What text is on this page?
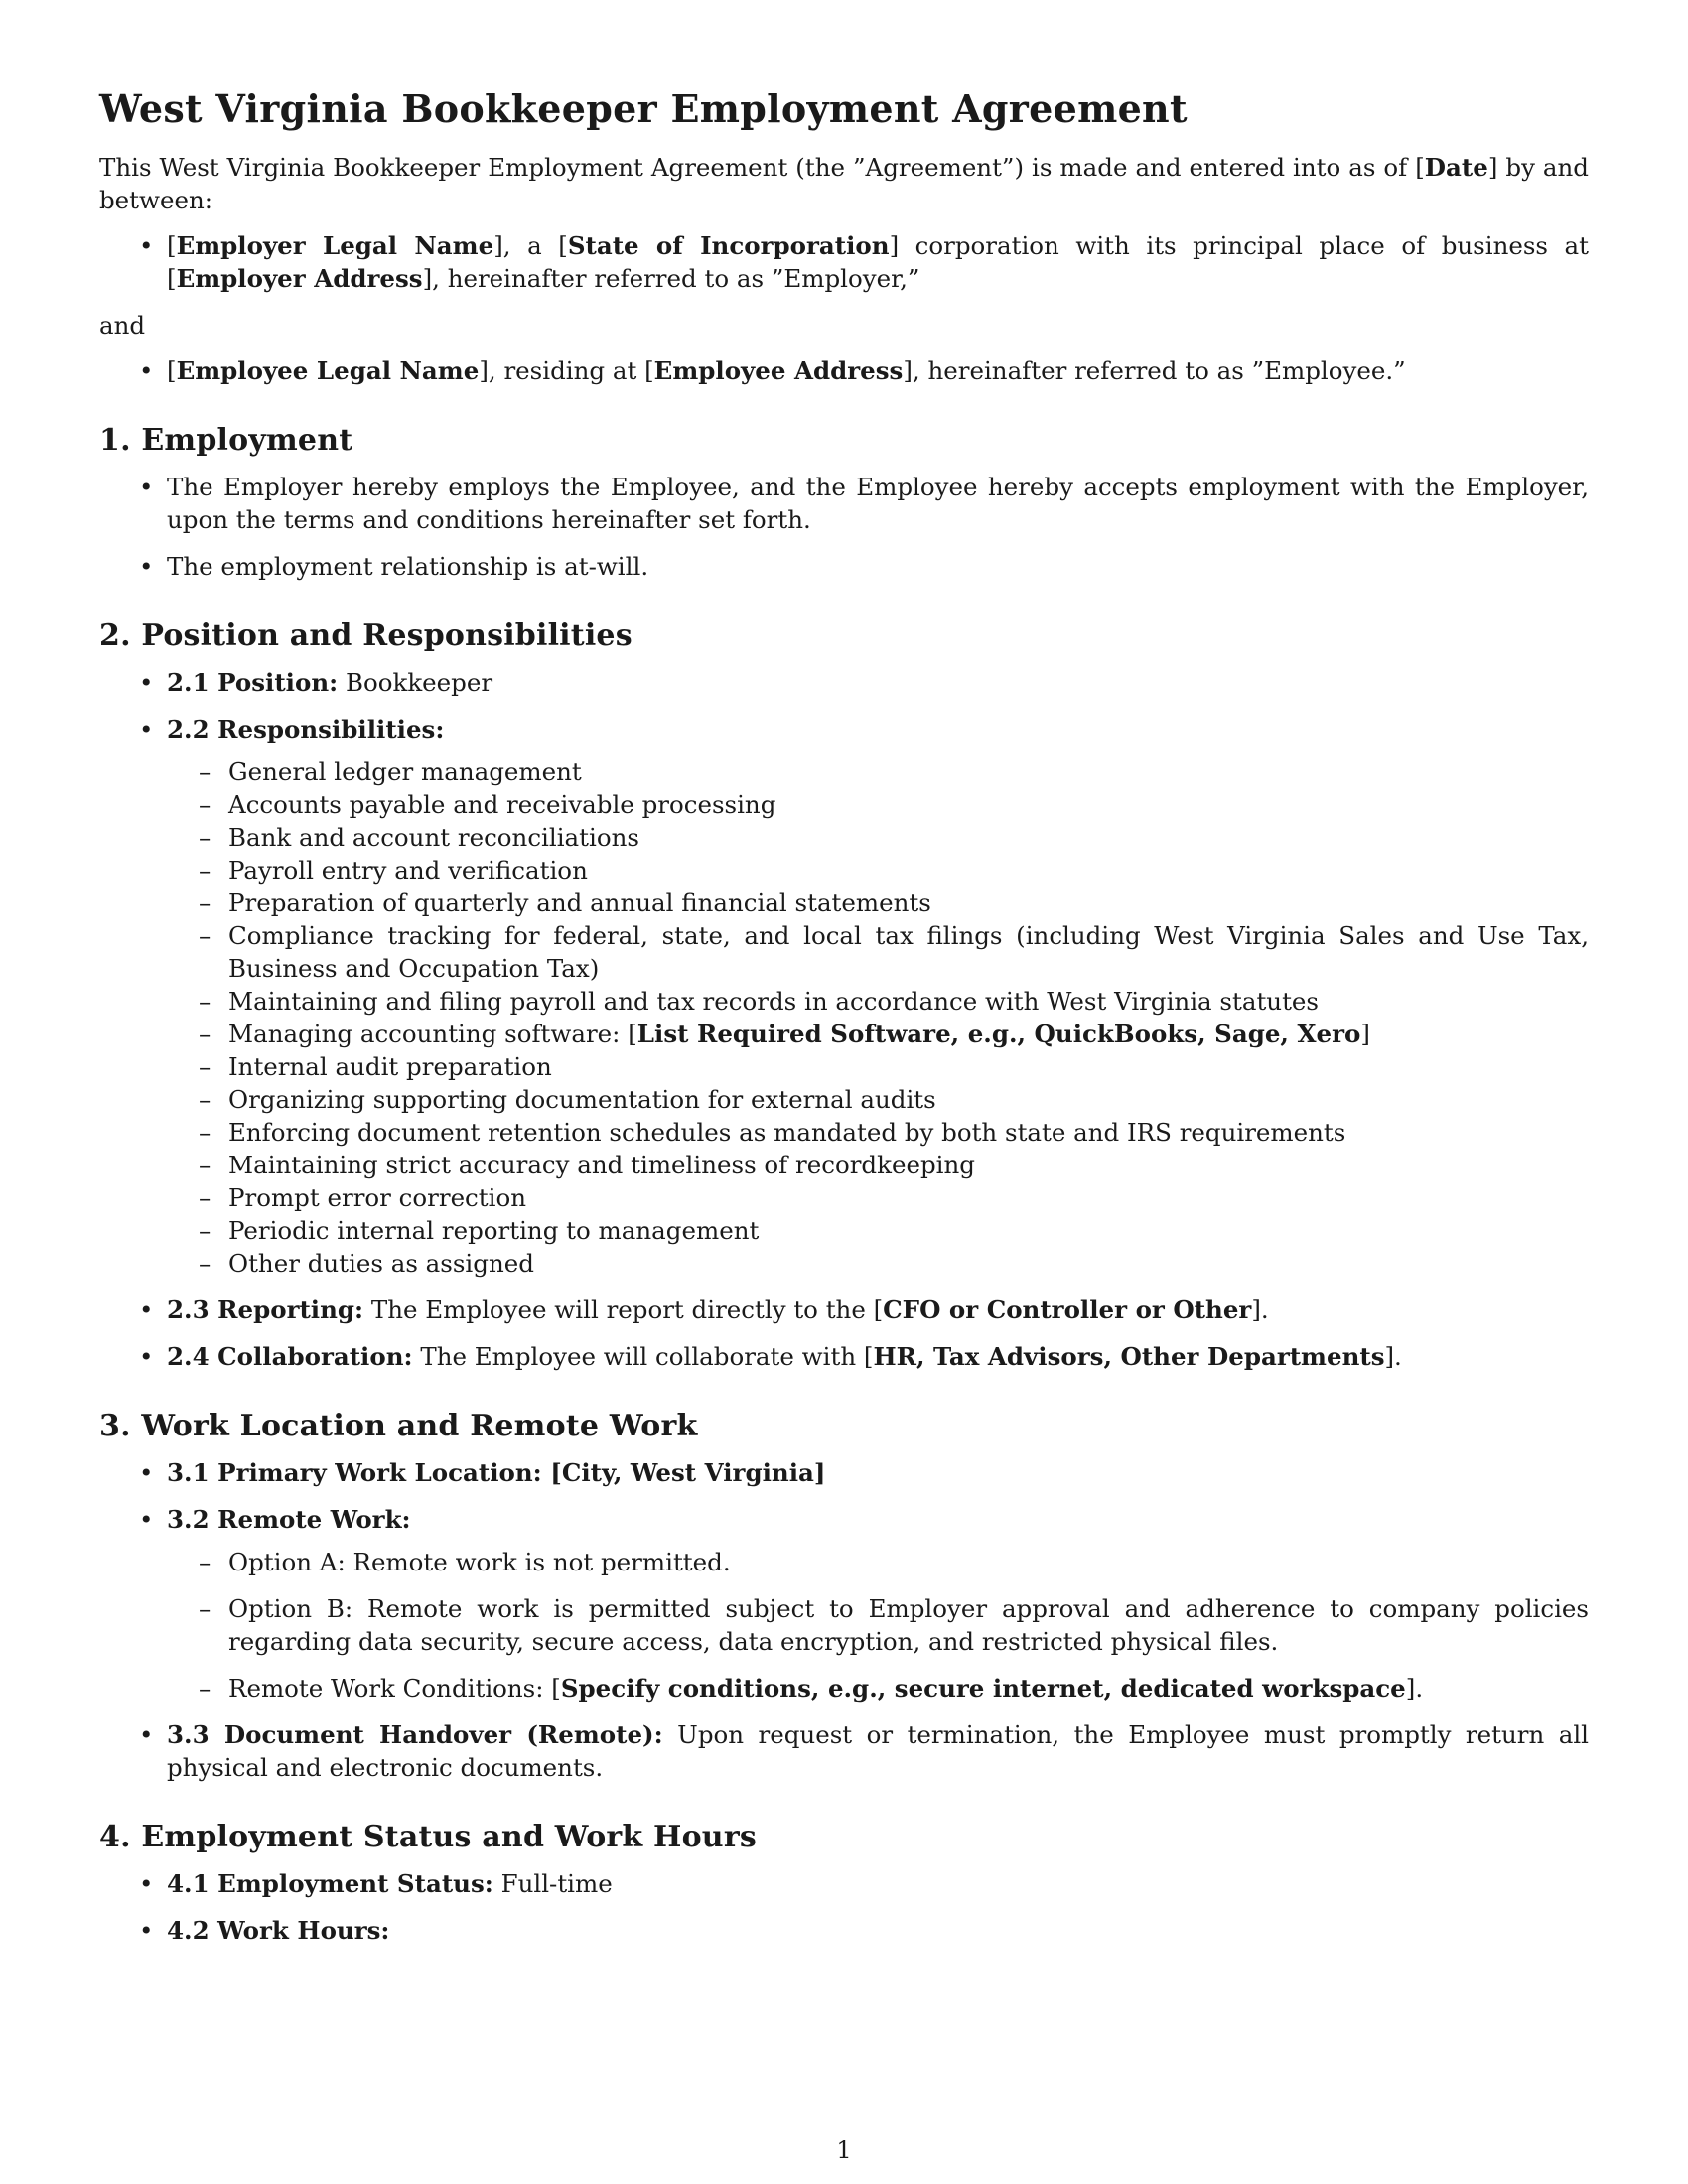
West Virginia Bookkeeper Employment Agreement

This West Virginia Bookkeeper Employment Agreement (the ”Agreement”) is made and entered into as of [Date] by and between:

• [Employer Legal Name], a [State of Incorporation] corporation with its principal place of business at [Employer Address], hereinafter referred to as ”Employer,”

and

• [Employee Legal Name], residing at [Employee Address], hereinafter referred to as ”Employee.”
1. Employment
• The Employer hereby employs the Employee, and the Employee hereby accepts employment with the Employer, upon the terms and conditions hereinafter set forth.
• The employment relationship is at-will.
2. Position and Responsibilities
• 2.1 Position: Bookkeeper
• 2.2 Responsibilities:
– General ledger management
– Accounts payable and receivable processing
– Bank and account reconciliations
– Payroll entry and verification
– Preparation of quarterly and annual financial statements
– Compliance tracking for federal, state, and local tax filings (including West Virginia Sales and Use Tax, Business and Occupation Tax)
– Maintaining and filing payroll and tax records in accordance with West Virginia statutes
– Managing accounting software: [List Required Software, e.g., QuickBooks, Sage, Xero]
– Internal audit preparation
– Organizing supporting documentation for external audits
– Enforcing document retention schedules as mandated by both state and IRS requirements
– Maintaining strict accuracy and timeliness of recordkeeping
– Prompt error correction
– Periodic internal reporting to management
– Other duties as assigned
• 2.3 Reporting: The Employee will report directly to the [CFO or Controller or Other].
• 2.4 Collaboration: The Employee will collaborate with [HR, Tax Advisors, Other Departments].
3. Work Location and Remote Work
• 3.1 Primary Work Location: [City, West Virginia]
• 3.2 Remote Work:
– Option A: Remote work is not permitted.
– Option B: Remote work is permitted subject to Employer approval and adherence to company policies regarding data security, secure access, data encryption, and restricted physical files.
– Remote Work Conditions: [Specify conditions, e.g., secure internet, dedicated workspace].
• 3.3 Document Handover (Remote): Upon request or termination, the Employee must promptly return all physical and electronic documents.
4. Employment Status and Work Hours
• 4.1 Employment Status: Full-time
• 4.2 Work Hours:
1
